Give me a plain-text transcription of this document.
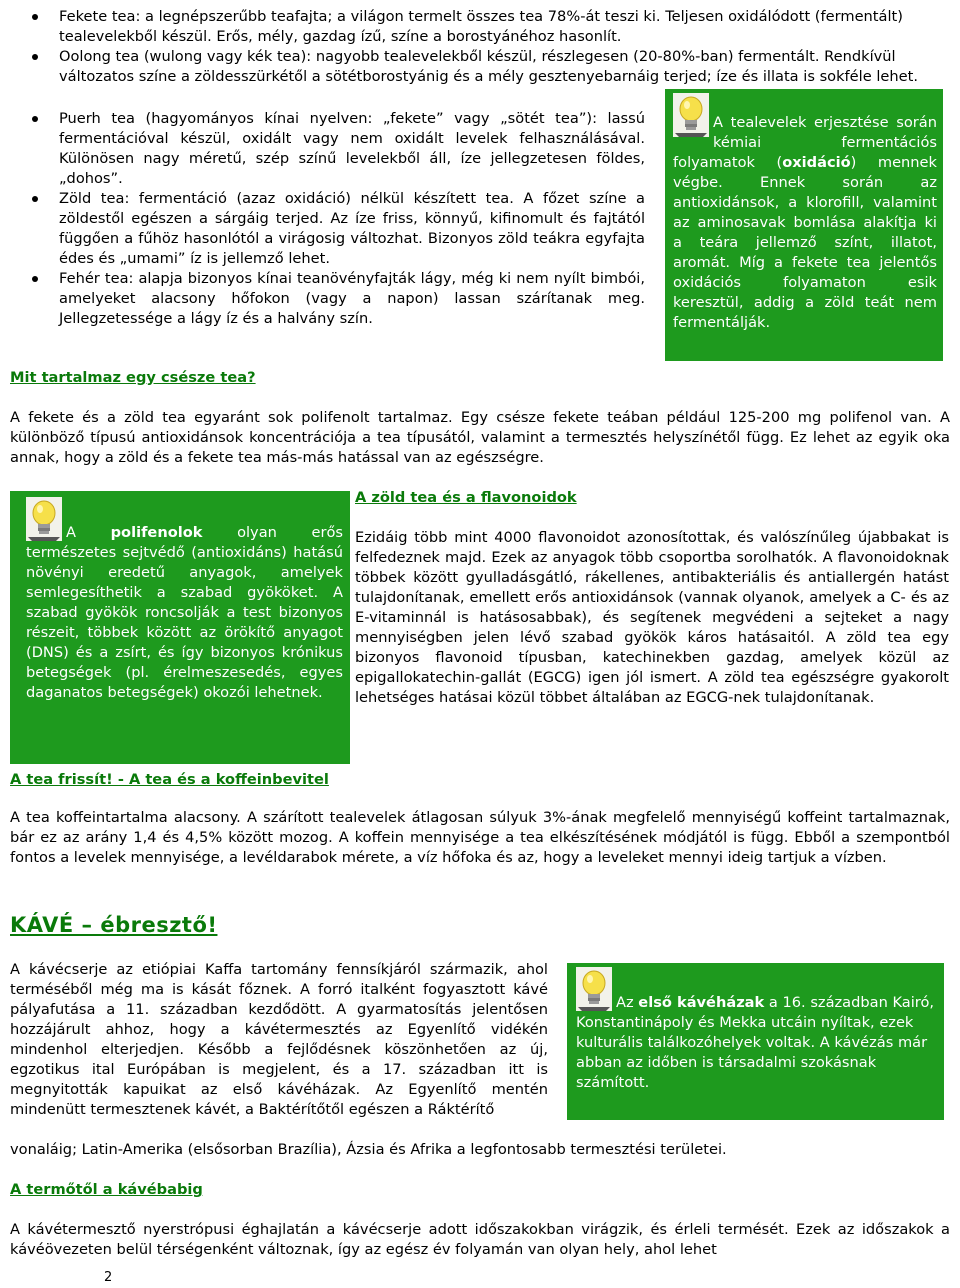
Fekete tea: a legnépszerűbb teafajta; a világon termelt összes tea 78%-át teszi ki. Teljesen oxidálódott (fermentált) tealevelekből készül. Erős, mély, gazdag ízű, színe a borostyánéhoz hasonlít.
Oolong tea (wulong vagy kék tea): nagyobb tealevelekből készül, részlegesen (20-80%-ban) fermentált. Rendkívül változatos színe a zöldesszürkétől a sötétborostyánig és a mély gesztenyebarnáig terjed; íze és illata is sokféle lehet.
Puerh tea (hagyományos kínai nyelven: „fekete” vagy „sötét tea”): lassú fermentációval készül, oxidált vagy nem oxidált levelek felhasználásával. Különösen nagy méretű, szép színű levelekből áll, íze jellegzetesen földes, „dohos”.
Zöld tea: fermentáció (azaz oxidáció) nélkül készített tea. A főzet színe a zöldestől egészen a sárgáig terjed. Az íze friss, könnyű, kifinomult és fajtától függően a fűhöz hasonlótól a virágosig változhat. Bizonyos zöld teákra egyfajta édes és „umami” íz is jellemző lehet.
Fehér tea: alapja bizonyos kínai teanövényfajták lágy, még ki nem nyílt bimbói, amelyeket alacsony hőfokon (vagy a napon) lassan szárítanak meg. Jellegzetessége a lágy íz és a halvány szín.

A tealevelek erjesztése során kémiai fermentációs folyamatok (oxidáció) mennek végbe. Ennek során az antioxidánsok, a klorofill, valamint az aminosavak bomlása alakítja ki a teára jellemző színt, illatot, aromát. Míg a fekete tea jelentős oxidációs folyamaton esik keresztül, addig a zöld teát nem fermentálják.

Mit tartalmaz egy csésze tea?
A fekete és a zöld tea egyaránt sok polifenolt tartalmaz. Egy csésze fekete teában például 125-200 mg polifenol van. A különböző típusú antioxidánsok koncentrációja a tea típusától, valamint a termesztés helyszínétől függ. Ez lehet az egyik oka annak, hogy a zöld és a fekete tea más-más hatással van az egészségre.

A polifenolok olyan erős természetes sejtvédő (antioxidáns) hatású növényi eredetű anyagok, amelyek semlegesíthetik a szabad gyököket. A szabad gyökök roncsolják a test bizonyos részeit, többek között az örökítő anyagot (DNS) és a zsírt, és így bizonyos krónikus betegségek (pl. érelmeszesedés, egyes daganatos betegségek) okozói lehetnek.

A zöld tea és a flavonoidok
Ezidáig több mint 4000 flavonoidot azonosítottak, és valószínűleg újabbakat is felfedeznek majd. Ezek az anyagok több csoportba sorolhatók. A flavonoidoknak többek között gyulladásgátló, rákellenes, antibakteriális és antiallergén hatást tulajdonítanak, emellett erős antioxidánsok (vannak olyanok, amelyek a C- és az E-vitaminnál is hatásosabbak), és segítenek megvédeni a sejteket a nagy mennyiségben jelen lévő szabad gyökök káros hatásaitól. A zöld tea egy bizonyos flavonoid típusban, katechinekben gazdag, amelyek közül az epigallokatechin-gallát (EGCG) igen jól ismert. A zöld tea egészségre gyakorolt lehetséges hatásai közül többet általában az EGCG-nek tulajdonítanak.
A tea frissít! - A tea és a koffeinbevitel
A tea koffeintartalma alacsony. A szárított tealevelek átlagosan súlyuk 3%-ának megfelelő mennyiségű koffeint tartalmaznak, bár ez az arány 1,4 és 4,5% között mozog. A koffein mennyisége a tea elkészítésének módjától is függ. Ebből a szempontból fontos a levelek mennyisége, a levéldarabok mérete, a víz hőfoka és az, hogy a leveleket mennyi ideig tartjuk a vízben.
KÁVÉ – ébresztő!
A kávécserje az etiópiai Kaffa tartomány fennsíkjáról származik, ahol terméséből még ma is kását főznek. A forró italként fogyasztott kávé pályafutása a 11. században kezdődött. A gyarmatosítás jelentősen hozzájárult ahhoz, hogy a kávétermesztés az Egyenlítő vidékén mindenhol elterjedjen. Később a fejlődésnek köszönhetően az új, egzotikus ital Európában is megjelent, és a 17. században itt is megnyitották kapuikat az első kávéházak. Az Egyenlítő mentén mindenütt termesztenek kávét, a Baktérítőtől egészen a Ráktérítő
vonaláig; Latin-Amerika (elsősorban Brazília), Ázsia és Afrika a legfontosabb termesztési területei.

Az első kávéházak a 16. században Kairó, Konstantinápoly és Mekka utcáin nyíltak, ezek kulturális találkozóhelyek voltak. A kávézás már abban az időben is társadalmi szokásnak számított.

A termőtől a kávébabig
A kávétermesztő nyerstrópusi éghajlatán a kávécserje adott időszakokban virágzik, és érleli termését. Ezek az időszakok a kávéövezeten belül térségenként változnak, így az egész év folyamán van olyan hely, ahol lehet
2
